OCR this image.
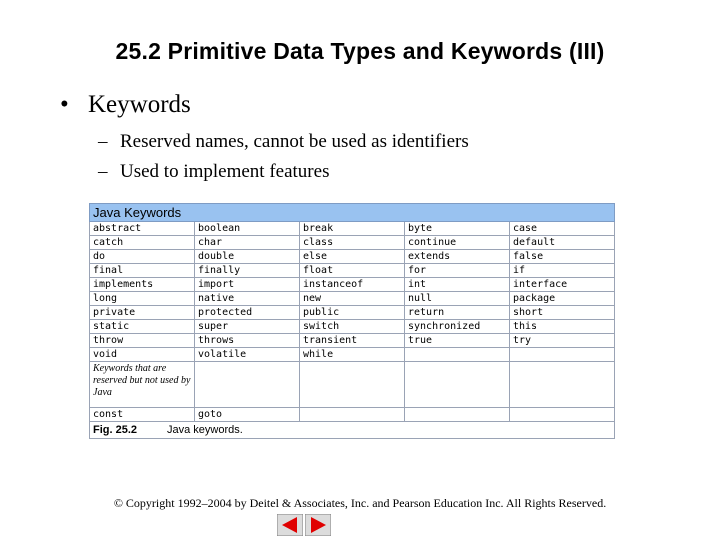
25.2 Primitive Data Types and Keywords (III)
• Keywords
– Reserved names, cannot be used as identifiers
– Used to implement features
Java Keywords				
abstract	boolean	break	byte	case
catch	char	class	continue	default
do	double	else	extends	false
final	finally	float	for	if
implements	import	instanceof	int	interface
long	native	new	null	package
private	protected	public	return	short
static	super	switch	synchronized	this
throw	throws	transient	true	try
void	volatile	while		
Keywords that are reserved but not used by Java				
const	goto			
Fig. 25.2 Java keywords.				
© Copyright 1992–2004 by Deitel & Associates, Inc. and Pearson Education Inc. All Rights Reserved.
